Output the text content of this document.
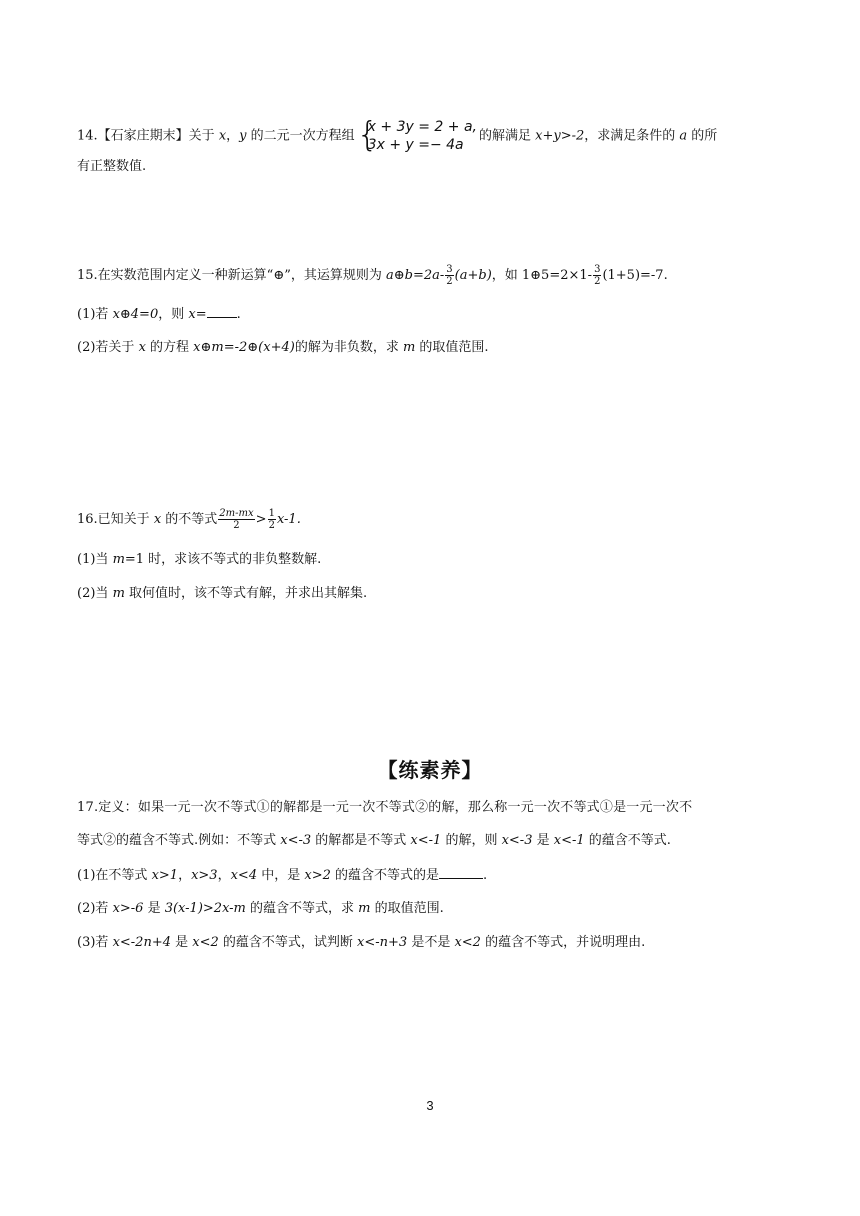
14.【石家庄期末】关于 x，y 的二元一次方程组 {
x + 3y = 2 + a,
3x + y =− 4a
的解满足 x+y>-2，求满足条件的 a 的所
有正整数值.
15.在实数范围内定义一种新运算“⊕”，其运算规则为 a⊕b=2a- $\frac{3}{2} (a+b)$，如 1⊕5=2×1- $\frac{3}{2} (1+5)=-7$.
(1)若 x⊕4=0，则 x= .
(2)若关于 x 的方程 x⊕m=-2⊕(x+4)的解为非负数，求 m 的取值范围.
16.已知关于 x 的不等式 $\frac{2m-mx}{2} > \frac{1}{2} x-1$.
(1)当 m=1 时，求该不等式的非负整数解.
(2)当 m 取何值时，该不等式有解，并求出其解集.
【练素养】
17.定义：如果一元一次不等式①的解都是一元一次不等式②的解，那么称一元一次不等式①是一元一次不
等式②的蕴含不等式.例如：不等式 x<-3 的解都是不等式 x<-1 的解，则 x<-3 是 x<-1 的蕴含不等式.
(1)在不等式 x>1，x>3，x<4 中，是 x>2 的蕴含不等式的是	.
(2)若 x>-6 是 3(x-1)>2x-m 的蕴含不等式，求 m 的取值范围.
(3)若 x<-2n+4 是 x<2 的蕴含不等式，试判断 x<-n+3 是不是 x<2 的蕴含不等式，并说明理由.
3
